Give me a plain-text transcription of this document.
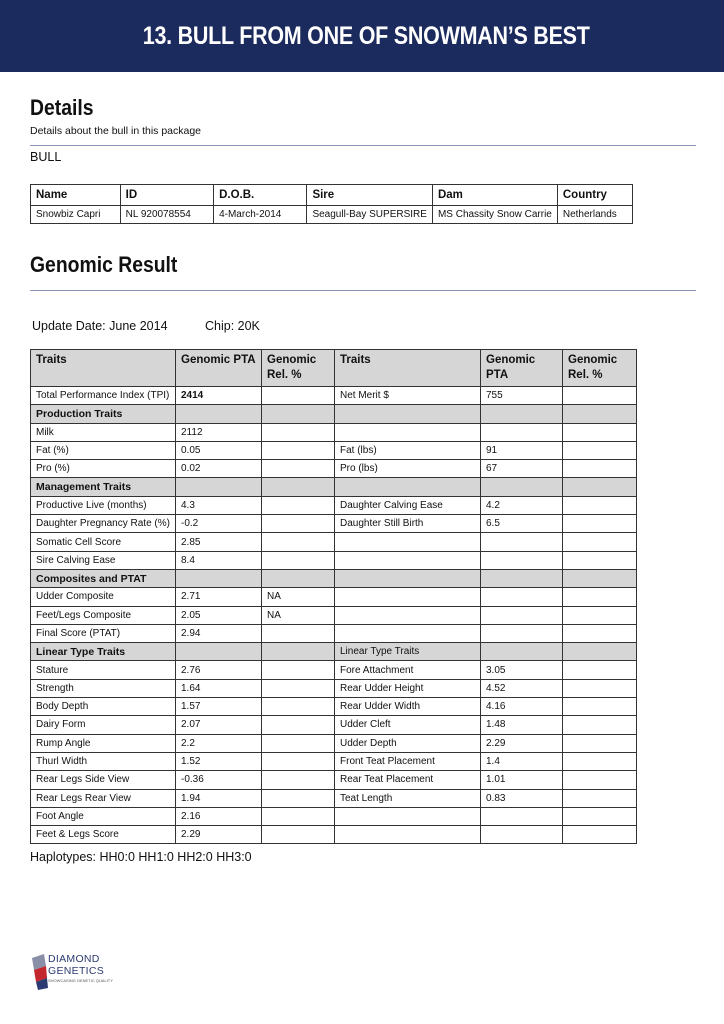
13. BULL FROM ONE OF SNOWMAN’S BEST
Details
Details about the bull in this package
BULL
Name	ID	D.O.B.	Sire	Dam	Country
Snowbiz Capri	NL 920078554	4-March-2014	Seagull-Bay SUPERSIRE	MS Chassity Snow Carrie	Netherlands
Genomic Result
Update Date: June 2014	Chip: 20K
Traits	Genomic PTA	Genomic Rel. %	Traits	Genomic PTA	Genomic Rel. %
Total Performance Index (TPI)	2414		Net Merit $	755	
Production Traits					
Milk	2112				
Fat (%)	0.05		Fat (lbs)	91	
Pro (%)	0.02		Pro (lbs)	67	
Management Traits					
Productive Live (months)	4.3		Daughter Calving Ease	4.2	
Daughter Pregnancy Rate (%)	-0.2		Daughter Still Birth	6.5	
Somatic Cell Score	2.85				
Sire Calving Ease	8.4				
Composites and PTAT					
Udder Composite	2.71	NA			
Feet/Legs Composite	2.05	NA			
Final Score (PTAT)	2.94				
Linear Type Traits			Linear Type Traits		
Stature	2.76		Fore Attachment	3.05	
Strength	1.64		Rear Udder Height	4.52	
Body Depth	1.57		Rear Udder Width	4.16	
Dairy Form	2.07		Udder Cleft	1.48	
Rump Angle	2.2		Udder Depth	2.29	
Thurl Width	1.52		Front Teat Placement	1.4	
Rear Legs Side View	-0.36		Rear Teat Placement	1.01	
Rear Legs Rear View	1.94		Teat Length	0.83	
Foot Angle	2.16				
Feet & Legs Score	2.29				
Haplotypes: HH0:0 HH1:0 HH2:0 HH3:0
DIAMOND
GENETICS
SHOWCASING GENETIC QUALITY
